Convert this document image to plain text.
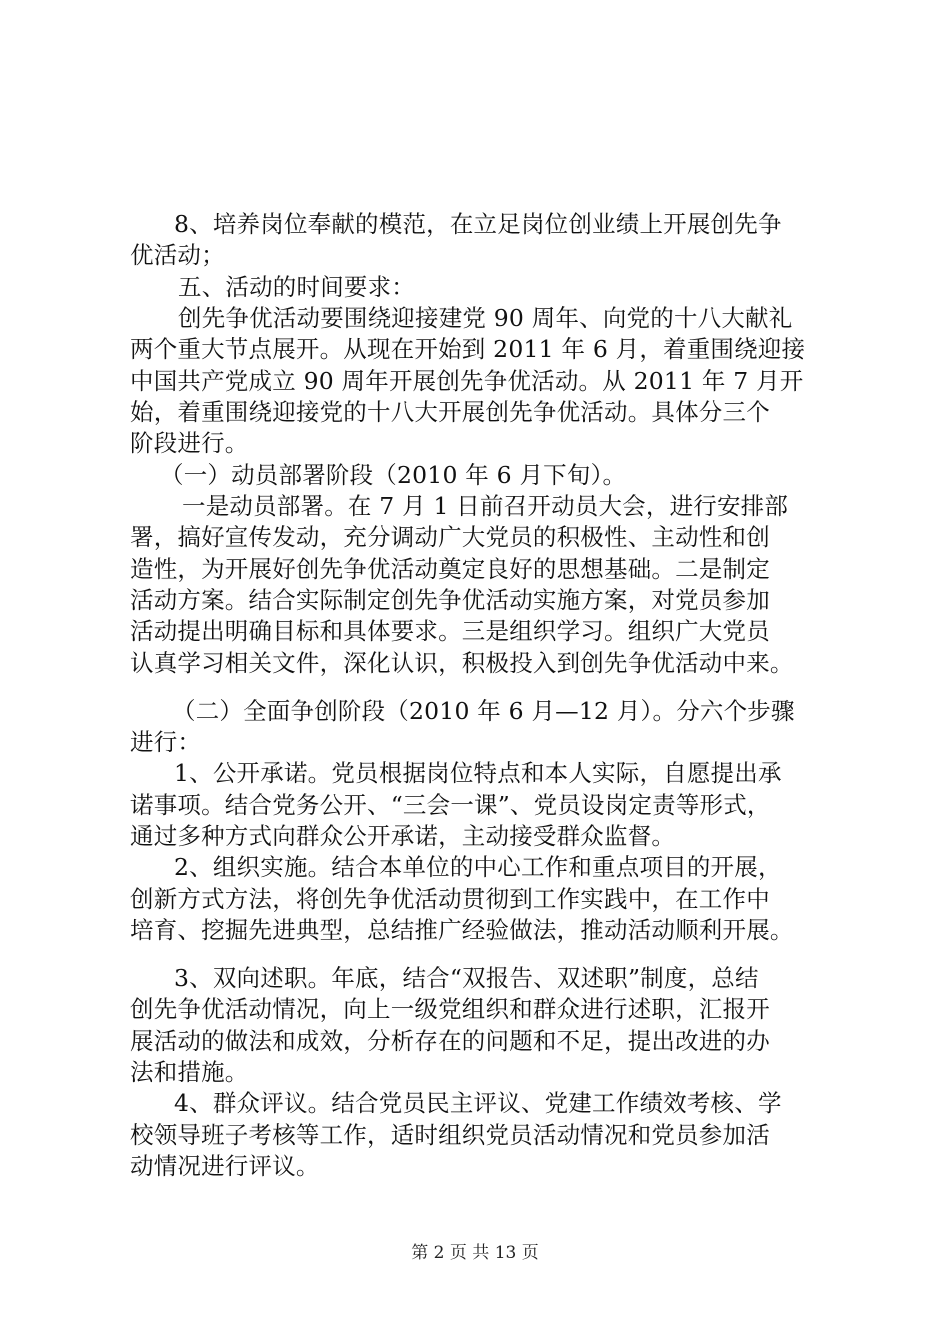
8、培养岗位奉献的模范，在立足岗位创业绩上开展创先争
优活动；
五、活动的时间要求：
创先争优活动要围绕迎接建党 90 周年、向党的十八大献礼
两个重大节点展开。从现在开始到 2011 年 6 月，着重围绕迎接
中国共产党成立 90 周年开展创先争优活动。从 2011 年 7 月开
始，着重围绕迎接党的十八大开展创先争优活动。具体分三个
阶段进行。
（一）动员部署阶段（2010 年 6 月下旬）。
一是动员部署。在 7 月 1 日前召开动员大会，进行安排部
署，搞好宣传发动，充分调动广大党员的积极性、主动性和创
造性，为开展好创先争优活动奠定良好的思想基础。二是制定
活动方案。结合实际制定创先争优活动实施方案，对党员参加
活动提出明确目标和具体要求。三是组织学习。组织广大党员
认真学习相关文件，深化认识，积极投入到创先争优活动中来。
（二）全面争创阶段（2010 年 6 月—12 月）。分六个步骤
进行：
1、公开承诺。党员根据岗位特点和本人实际，自愿提出承
诺事项。结合党务公开、“三会一课”、党员设岗定责等形式，
通过多种方式向群众公开承诺，主动接受群众监督。
2、组织实施。结合本单位的中心工作和重点项目的开展，
创新方式方法，将创先争优活动贯彻到工作实践中，在工作中
培育、挖掘先进典型，总结推广经验做法，推动活动顺利开展。
3、双向述职。年底，结合“双报告、双述职”制度，总结
创先争优活动情况，向上一级党组织和群众进行述职，汇报开
展活动的做法和成效，分析存在的问题和不足，提出改进的办
法和措施。
4、群众评议。结合党员民主评议、党建工作绩效考核、学
校领导班子考核等工作，适时组织党员活动情况和党员参加活
动情况进行评议。
第 2 页 共 13 页
